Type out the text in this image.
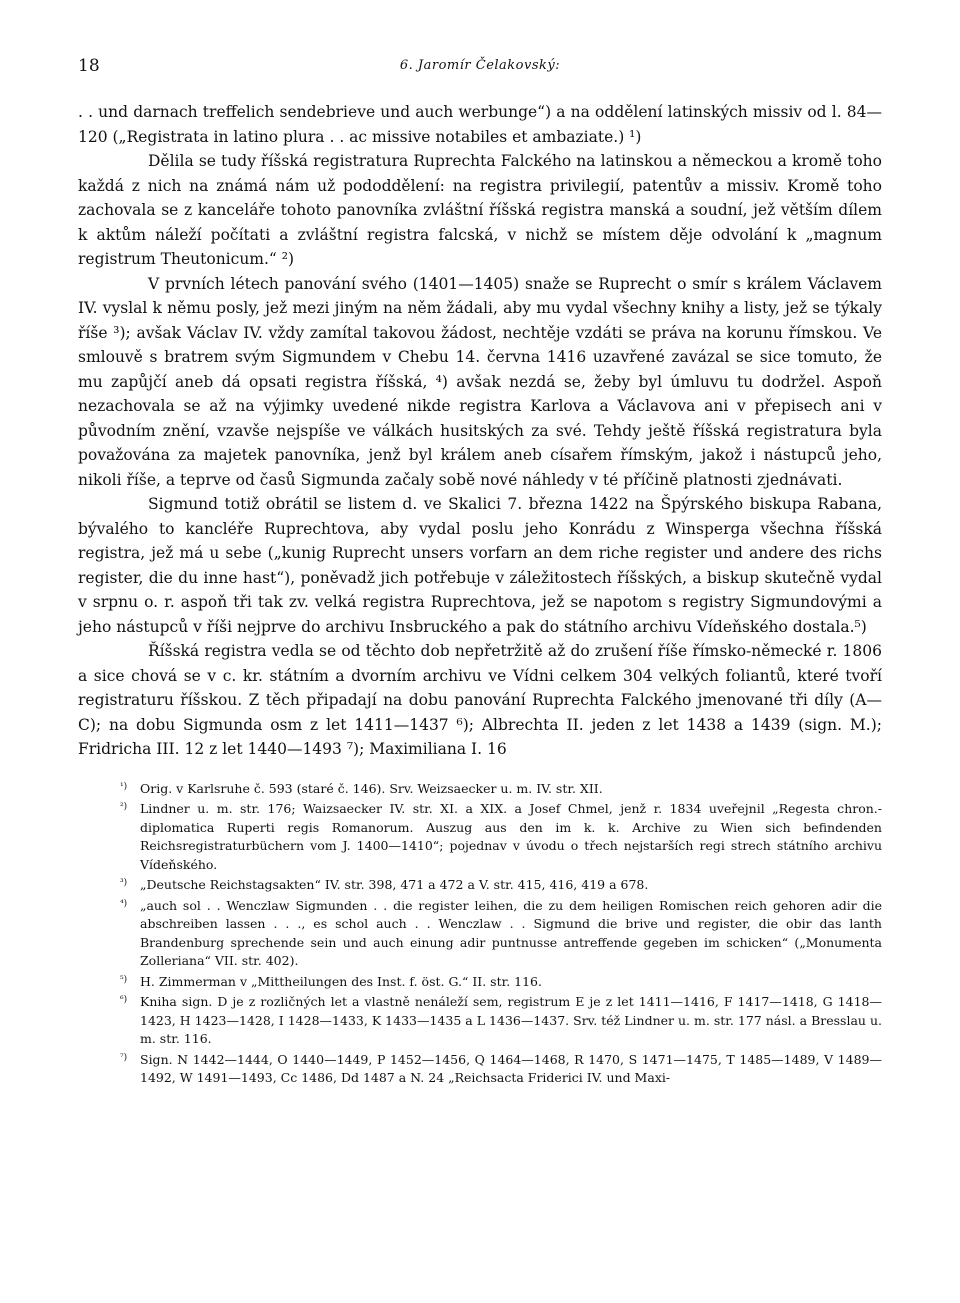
18	6. Jaromír Čelakovský:

. . und darnach treffelich sendebrieve und auch werbunge“) a na oddělení latinských missiv od l. 84—120 („Registrata in latino plura . . ac missive notabiles et ambaziate.) ¹)

Dělila se tudy říšská registratura Ruprechta Falckého na latinskou a německou a kromě toho každá z nich na známá nám už pododdělení: na registra privilegií, patentův a missiv. Kromě toho zachovala se z kanceláře tohoto panovníka zvláštní říšská registra manská a soudní, jež větším dílem k aktům náleží počítati a zvláštní registra falcská, v nichž se místem děje odvolání k „magnum registrum Theutonicum.“ ²)

V prvních létech panování svého (1401—1405) snaže se Ruprecht o smír s králem Václavem IV. vyslal k němu posly, jež mezi jiným na něm žádali, aby mu vydal všechny knihy a listy, jež se týkaly říše ³); avšak Václav IV. vždy zamítal takovou žádost, nechtěje vzdáti se práva na korunu římskou. Ve smlouvě s bratrem svým Sigmundem v Chebu 14. června 1416 uzavřené zavázal se sice tomuto, že mu zapůjčí aneb dá opsati registra říšská, ⁴) avšak nezdá se, žeby byl úmluvu tu dodržel. Aspoň nezachovala se až na výjimky uvedené nikde registra Karlova a Václavova ani v přepisech ani v původním znění, vzavše nejspíše ve válkách husitských za své. Tehdy ještě říšská registratura byla považována za majetek panovníka, jenž byl králem aneb císařem římským, jakož i nástupců jeho, nikoli říše, a teprve od časů Sigmunda začaly sobě nové náhledy v té příčině platnosti zjednávati.

Sigmund totiž obrátil se listem d. ve Skalici 7. března 1422 na Špýrského biskupa Rabana, bývalého to kancléře Ruprechtova, aby vydal poslu jeho Konrádu z Winsperga všechna říšská registra, jež má u sebe („kunig Ruprecht unsers vorfarn an dem riche register und andere des richs register, die du inne hast“), poněvadž jich potřebuje v záležitostech říšských, a biskup skutečně vydal v srpnu o. r. aspoň tři tak zv. velká registra Ruprechtova, jež se napotom s registry Sigmundovými a jeho nástupců v říši nejprve do archivu Insbruckého a pak do státního archivu Vídeňského dostala.⁵)

Říšská registra vedla se od těchto dob nepřetržitě až do zrušení říše římsko-německé r. 1806 a sice chová se v c. kr. státním a dvorním archivu ve Vídni celkem 304 velkých foliantů, které tvoří registraturu říšskou. Z těch připadají na dobu panování Ruprechta Falckého jmenované tři díly (A—C); na dobu Sigmunda osm z let 1411—1437 ⁶); Albrechta II. jeden z let 1438 a 1439 (sign. M.); Fridricha III. 12 z let 1440—1493 ⁷); Maximiliana I. 16

¹) Orig. v Karlsruhe č. 593 (staré č. 146). Srv. Weizsaecker u. m. IV. str. XII.
²) Lindner u. m. str. 176; Waizsaecker IV. str. XI. a XIX. a Josef Chmel, jenž r. 1834 uveřejnil „Regesta chron.-diplomatica Ruperti regis Romanorum. Auszug aus den im k. k. Archive zu Wien sich befindenden Reichsregistraturbüchern vom J. 1400—1410“; pojednav v úvodu o třech nejstarších regi strech státního archivu Vídeňského.
³) „Deutsche Reichstagsakten“ IV. str. 398, 471 a 472 a V. str. 415, 416, 419 a 678.
⁴) „auch sol . . Wenczlaw Sigmunden . . die register leihen, die zu dem heiligen Romischen reich gehoren adir die abschreiben lassen . . ., es schol auch . . Wenczlaw . . Sigmund die brive und register, die obir das lanth Brandenburg sprechende sein und auch einung adir puntnusse antreffende gegeben im schicken“ („Monumenta Zolleriana“ VII. str. 402).
⁵) H. Zimmerman v „Mittheilungen des Inst. f. öst. G.“ II. str. 116.
⁶) Kniha sign. D je z rozličných let a vlastně nenáleží sem, registrum E je z let 1411—1416, F 1417—1418, G 1418—1423, H 1423—1428, I 1428—1433, K 1433—1435 a L 1436—1437. Srv. též Lindner u. m. str. 177 násl. a Bresslau u. m. str. 116.
⁷) Sign. N 1442—1444, O 1440—1449, P 1452—1456, Q 1464—1468, R 1470, S 1471—1475, T 1485—1489, V 1489—1492, W 1491—1493, Cc 1486, Dd 1487 a N. 24 „Reichsacta Friderici IV. und Maxi-
